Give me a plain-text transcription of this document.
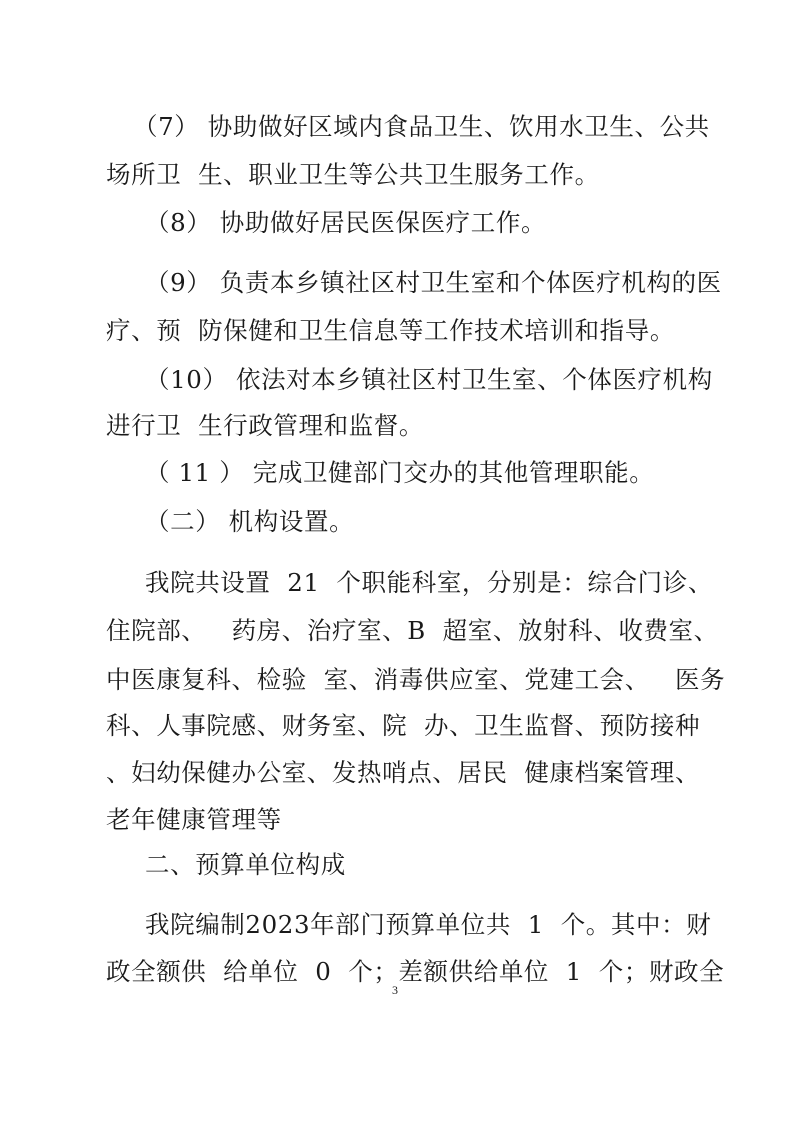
（7） 协助做好区域内食品卫生、饮用水卫生、公共
场所卫  生、职业卫生等公共卫生服务工作。
（8） 协助做好居民医保医疗工作。
（9） 负责本乡镇社区村卫生室和个体医疗机构的医
疗、预  防保健和卫生信息等工作技术培训和指导。
（10） 依法对本乡镇社区村卫生室、个体医疗机构
进行卫  生行政管理和监督。
（ 11 ） 完成卫健部门交办的其他管理职能。
（二） 机构设置。
我院共设置  21  个职能科室，分别是：综合门诊、
住院部、   药房、治疗室、B  超室、放射科、收费室、
中医康复科、检验  室、消毒供应室、党建工会、   医务
科、人事院感、财务室、院  办、卫生监督、预防接种
、妇幼保健办公室、发热哨点、居民  健康档案管理、
老年健康管理等
二、预算单位构成
我院编制2023年部门预算单位共  1  个。其中：财
政全额供  给单位  0  个；差额供给单位  1  个；财政全
3
